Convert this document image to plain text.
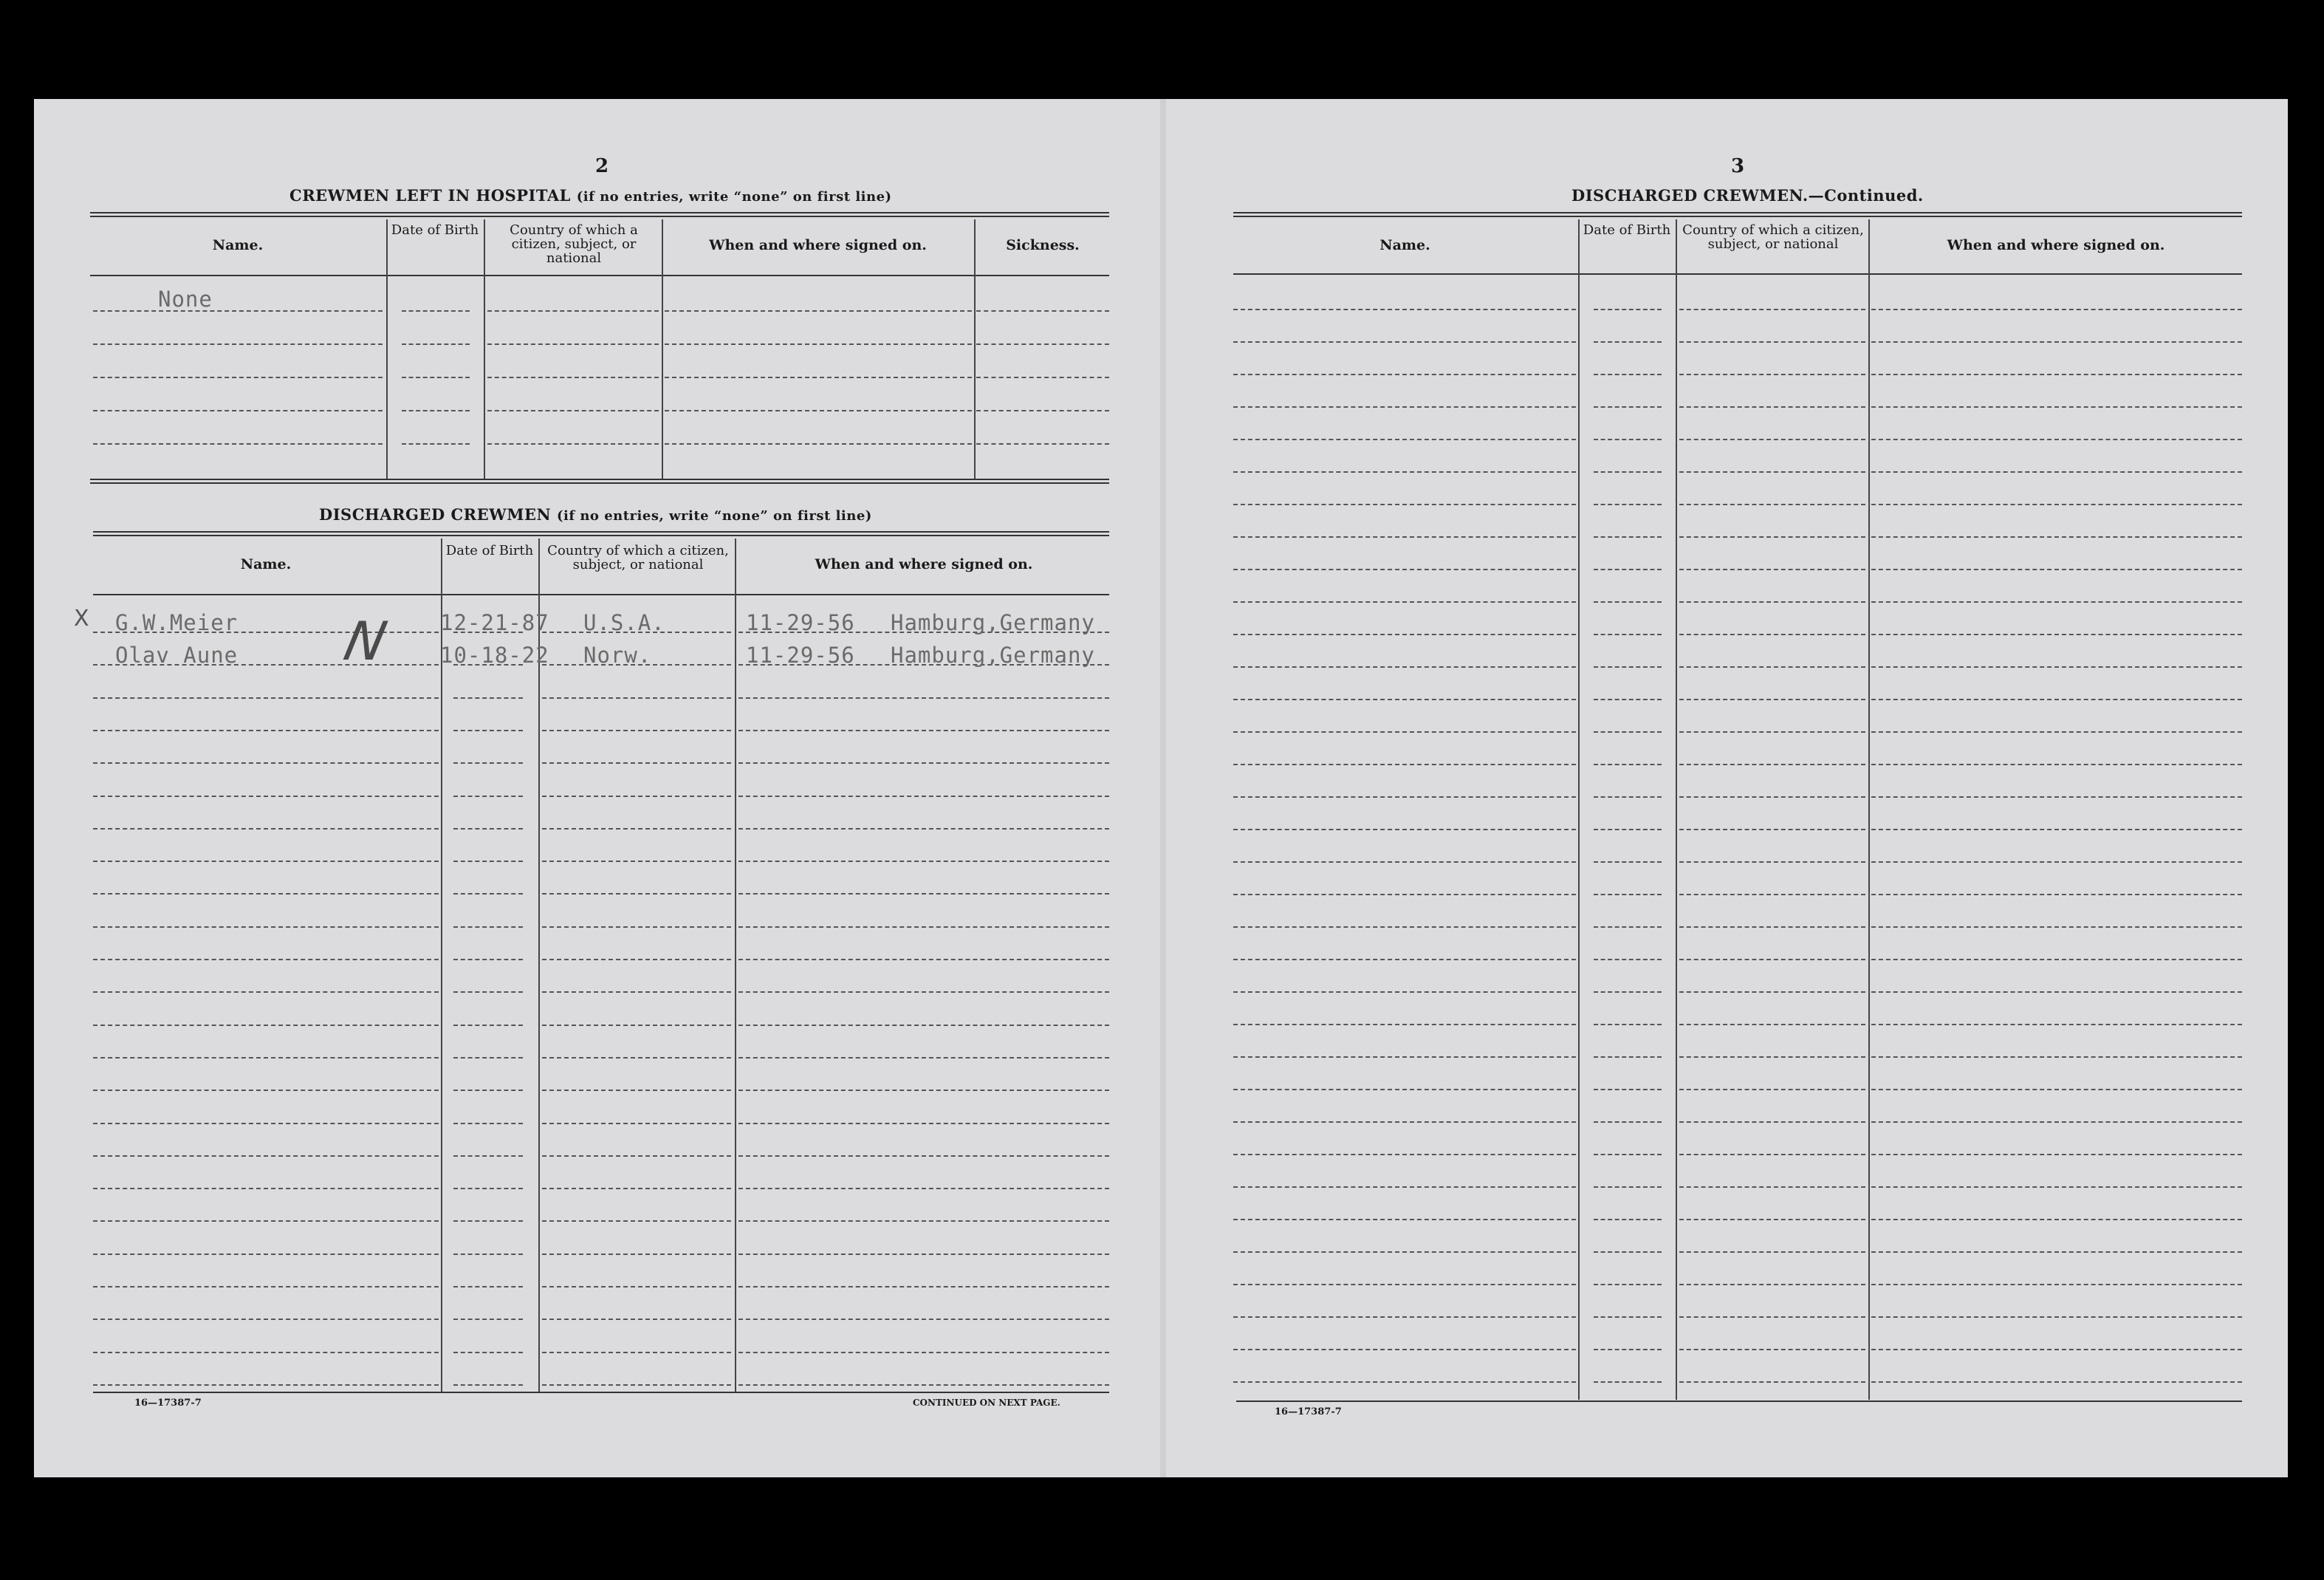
2
CREWMEN LEFT IN HOSPITAL (if no entries, write “none” on first line)
Name.
Date of Birth	Country of which a citizen, subject, or national
When and where signed on.	Sickness.
None
DISCHARGED CREWMEN (if no entries, write “none” on first line)
Name.
Date of Birth Country of which a citizen, subject, or national	When and where signed on.
G.W.Meier	12-21-87 U.S.A.	11-29-56 Hamburg,Germany
Olav Aune	10-18-22 Norw.	11-29-56 Hamburg,Germany
X	N
16—17387-7	CONTINUED ON NEXT PAGE.
3
DISCHARGED CREWMEN.—Continued.
Name.
Date of Birth Country of which a citizen, subject, or national	When and where signed on.
16—17387-7
